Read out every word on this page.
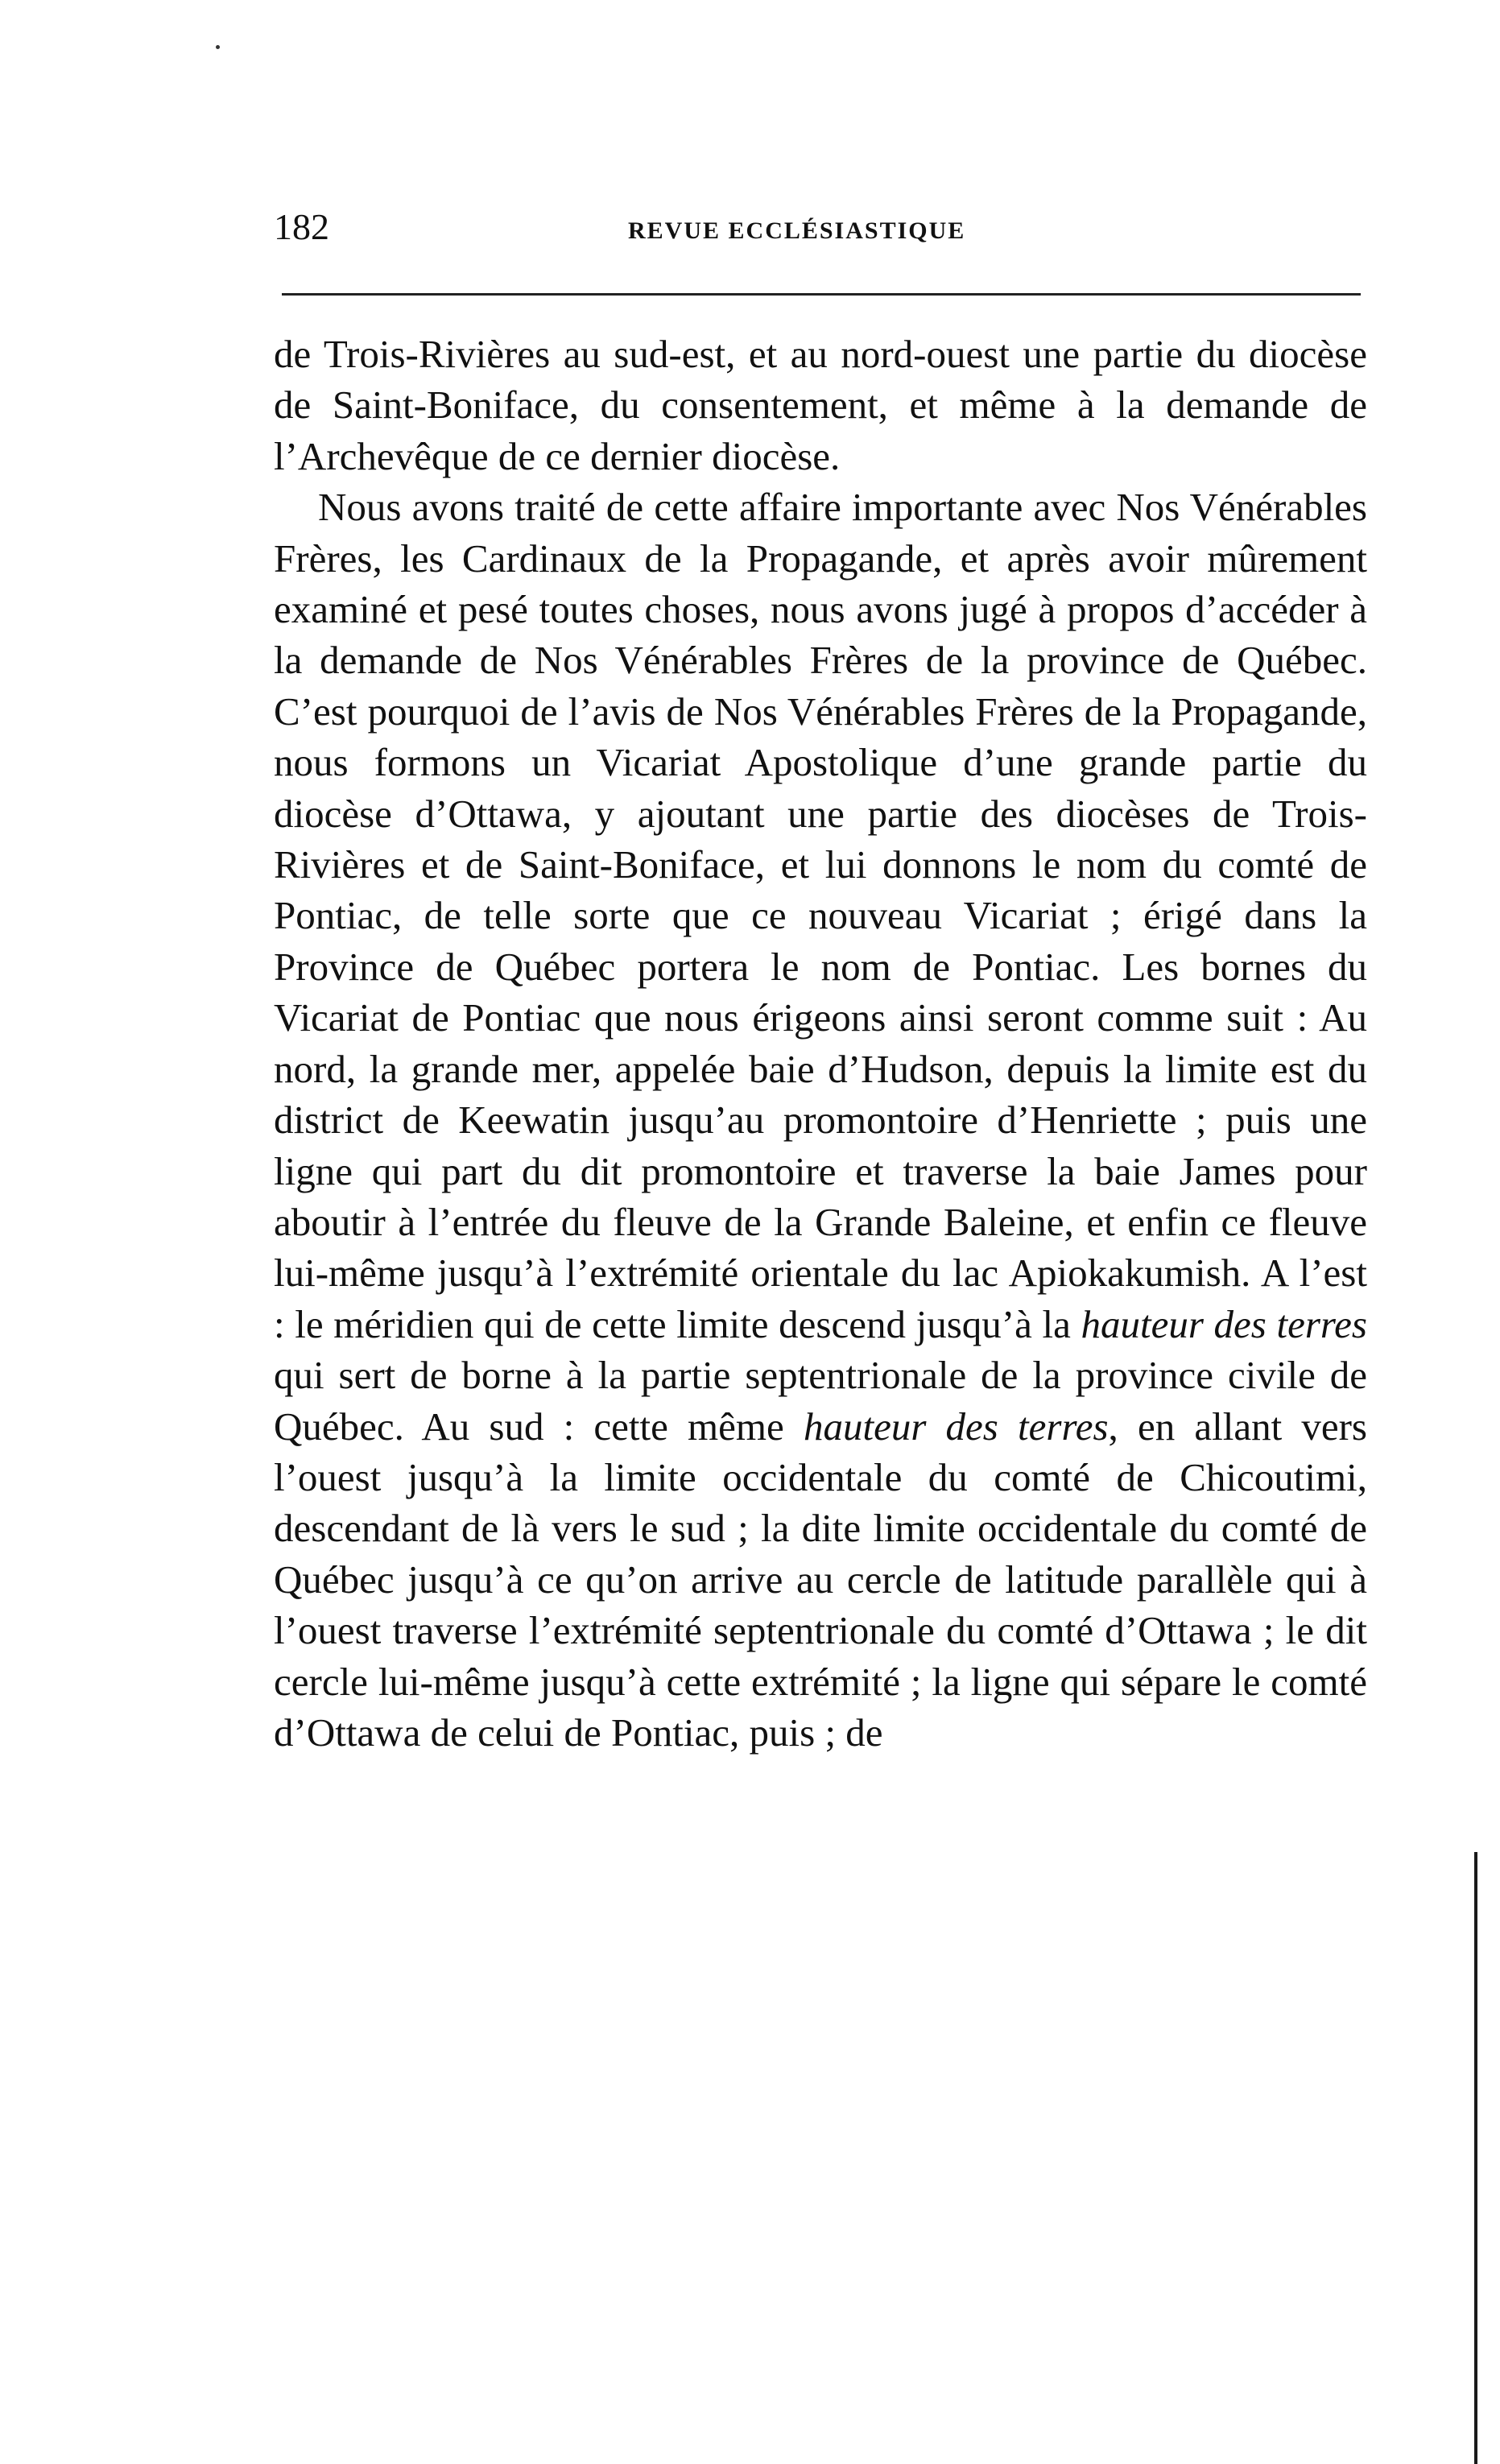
182	REVUE ECCLÉSIASTIQUE

de Trois-Rivières au sud-est, et au nord-ouest une partie du diocèse de Saint-Boniface, du consentement, et même à la demande de l’Archevêque de ce dernier diocèse.

Nous avons traité de cette affaire importante avec Nos Vénérables Frères, les Cardinaux de la Propagande, et après avoir mûrement examiné et pesé toutes choses, nous avons jugé à propos d’accéder à la demande de Nos Vénérables Frères de la province de Québec. C’est pourquoi de l’avis de Nos Vénérables Frères de la Propagande, nous formons un Vicariat Apostolique d’une grande partie du diocèse d’Ottawa, y ajoutant une partie des diocèses de Trois-Rivières et de Saint-Boniface, et lui donnons le nom du comté de Pontiac, de telle sorte que ce nouveau Vicariat ; érigé dans la Province de Québec portera le nom de Pontiac. Les bornes du Vicariat de Pontiac que nous érigeons ainsi seront comme suit : Au nord, la grande mer, appelée baie d’Hudson, depuis la limite est du district de Keewatin jusqu’au promontoire d’Henriette ; puis une ligne qui part du dit promontoire et traverse la baie James pour aboutir à l’entrée du fleuve de la Grande Baleine, et enfin ce fleuve lui-même jusqu’à l’extrémité orientale du lac Apiokakumish. A l’est : le méridien qui de cette limite descend jusqu’à la hauteur des terres qui sert de borne à la partie septentrionale de la province civile de Québec. Au sud : cette même hauteur des terres, en allant vers l’ouest jusqu’à la limite occidentale du comté de Chicoutimi, descendant de là vers le sud ; la dite limite occidentale du comté de Québec jusqu’à ce qu’on arrive au cercle de latitude parallèle qui à l’ouest traverse l’extrémité septentrionale du comté d’Ottawa ; le dit cercle lui-même jusqu’à cette extrémité ; la ligne qui sépare le comté d’Ottawa de celui de Pontiac, puis ; de
